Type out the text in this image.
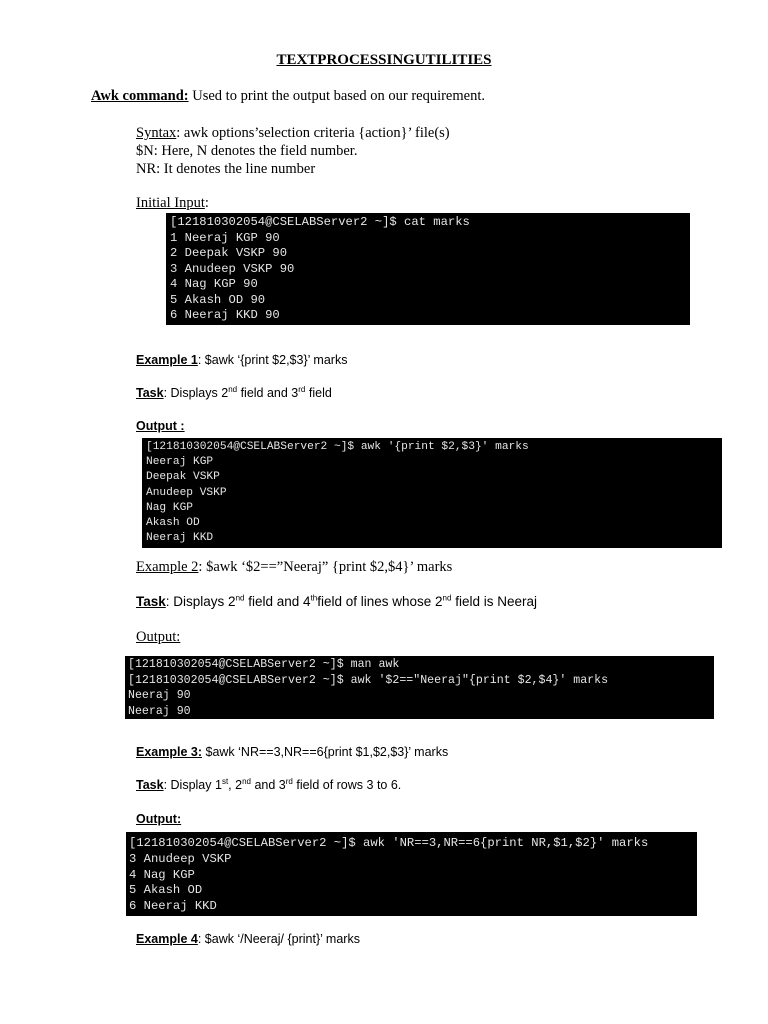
TEXTPROCESSINGUTILITIES
Awk command: Used to print the output based on our requirement.
Syntax: awk options’selection criteria {action}’ file(s)
$N: Here, N denotes the field number.
NR: It denotes the line number
Initial Input:
[121810302054@CSELABServer2 ~]$ cat marks
1 Neeraj KGP 90
2 Deepak VSKP 90
3 Anudeep VSKP 90
4 Nag KGP 90
5 Akash OD 90
6 Neeraj KKD 90
Example 1: $awk ‘{print $2,$3}’ marks
Task: Displays 2nd field and 3rd field
Output :
[121810302054@CSELABServer2 ~]$ awk '{print $2,$3}' marks
Neeraj KGP
Deepak VSKP
Anudeep VSKP
Nag KGP
Akash OD
Neeraj KKD
Example 2: $awk ‘$2==”Neeraj” {print $2,$4}’ marks
Task: Displays 2nd field and 4thfield of lines whose 2nd field is Neeraj
Output:
[121810302054@CSELABServer2 ~]$ man awk
[121810302054@CSELABServer2 ~]$ awk '$2=="Neeraj"{print $2,$4}' marks
Neeraj 90
Neeraj 90
Example 3: $awk ‘NR==3,NR==6{print $1,$2,$3}’ marks
Task: Display 1st, 2nd and 3rd field of rows 3 to 6.
Output:
[121810302054@CSELABServer2 ~]$ awk 'NR==3,NR==6{print NR,$1,$2}' marks
3 Anudeep VSKP
4 Nag KGP
5 Akash OD
6 Neeraj KKD
Example 4: $awk ‘/Neeraj/ {print}’ marks
